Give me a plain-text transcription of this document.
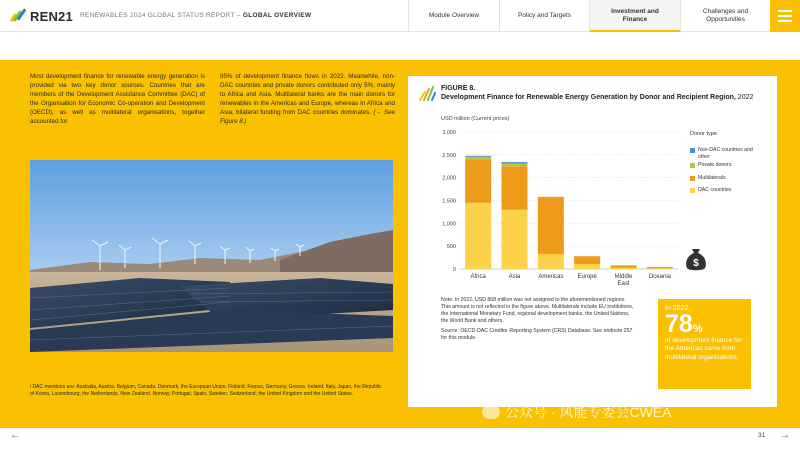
REN21 RENEWABLES 2024 GLOBAL STATUS REPORT – GLOBAL OVERVIEW	Module Overview	Policy and Targets
Investment and Finance
Challenges and Opportunities
Most development finance for renewable energy generation is provided via two key donor sources. Countries that are members of the Development Assistance Committee (DAC) of the Organisation for Economic Co-operation and Development (OECD), as well as multilateral organisations, together accounted for
95% of development finance flows in 2022. Meanwhile, non-DAC countries and private donors contributed only 5%, mainly to Africa and Asia. Multilateral banks are the main donors for renewables in the Americas and Europe, whereas in Africa and Asia, bilateral funding from DAC countries dominates. (→ See Figure 8.)
i DAC members are: Australia, Austria, Belgium, Canada, Denmark, the European Union, Finland, France, Germany, Greece, Ireland, Italy, Japan, the Republic of Korea, Luxembourg, the Netherlands, New Zealand, Norway, Portugal, Spain, Sweden, Switzerland, the United Kingdom and the United States.
FIGURE 8.
Development Finance for Renewable Energy Generation by Donor and Recipient Region, 2022
USD million (Current prices)
0
500
1,000
1,500
2,000
2,500
3,000
Africa	Asia	Americas Europe	Middle
East
Oceania
Donor type
Non-DAC countries and other
Private donors
Multilaterals
DAC countries
$
Note: In 2022, USD 868 million was not assigned to the aforementioned regions. This amount is not reflected in the figure above. Multilaterals include EU institutions, the International Monetary Fund, regional development banks, the United Nations, the World Bank and others.
Source: OECD-DAC Creditor Reporting System (CRS) Database. See endnote 257 for this module.
In 2022,
78%
of development finance for the Americas came from multilateral organisations.
公众号 · 风能专委会CWEA
←	31 →
